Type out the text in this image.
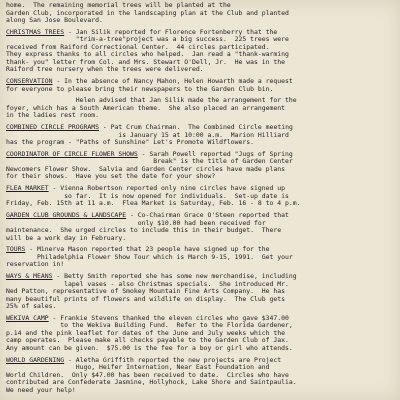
home.  The remaining memorial trees will be planted at the
Garden Club, incorporated in the landscaping plan at the Club and planted
along San Jose Boulevard.
CHRISTMAS TREES - Jan Silik reported for Florence Fortenberry that the
"trim-a-tree"project was a big success.  225 trees were
received from Raiford Correctional Center.  44 circles participated.
They express thanks to all circles who helped.  Jan read a "thank-warming
thank- you" letter from Col. and Mrs. Stewart O'Dell, Jr.  He was in the
Raiford tree nursery when the trees were delivered.
CONSERVATION - In the absence of Nancy Mahon, Helen Howarth made a request
for everyone to please bring their newspapers to the Garden Club bin.
Helen advised that Jan Silik made the arrangement for the
foyer, which has a South American theme.  She also placed an arrangement
in the ladies rest room.
COMBINED CIRCLE PROGRAMS - Pat Crum Chairman.  The Combined Circle meeting
is January 15 at 10:00 a.m.  Marion Hilliard
has the program - "Paths of Sunshine" Let's Promote Wildflowers.
COORDINATOR OF CIRCLE FLOWER SHOWS - Sarah Powell reported "Jugs of Spring
Break" is the title of Garden Center
Newcomers Flower Show.  Salvia and Garden Center circles have made plans
for their shows.  Have you set the date for your show?
FLEA MARKET - Vienna Robertson reported only nine circles have signed up
so far.  It is now opened for individuals.  Set-up date is
Friday, Feb. 15th at 11 a.m.  Flea Market is Saturday, Feb. 16 - 8 to 4 p.m.
GARDEN CLUB GROUNDS & LANDSCAPE - Co-Chairman Grace O'Steen reported that
only $10.00 had been received for
maintenance.  She urged circles to include this in their budget.  There
will be a work day in February.
TOURS - Minerva Mason reported that 23 people have signed up for the
Philadelphia Flower Show Tour which is March 9-15, 1991.  Get your
reservation in!
WAYS & MEANS - Betty Smith reported she has some new merchandise, including
lapel vases - also Christmas specials.  She introduced Mr.
Ned Patton, representative of Smokey Mountain Fine Arts Company.  He has
many beautiful prints of flowers and wildlife on display.  The Club gets
25% of sales.
WEKIVA CAMP - Frankie Stevens thanked the eleven circles who gave $347.00
to the Wekiva Building Fund.  Refer to the Florida Gardener,
p.14 and the pink leaflet for dates of the June and July weeks which the
camp operates.  Please make all checks payable to the Garden Club of Jax.
Any amount can be given.  $75.00 is the fee for a boy or girl who attends.
WORLD GARDENING - Aletha Griffith reported the new projects are Project
Hugo, Heifer Internation, Near East Foundation and
World Children.  Only $47.00 has been received to date.  Circles who have
contributed are Confederate Jasmine, Hollyhock, Lake Shore and Saintpaulia.
We need your help!
